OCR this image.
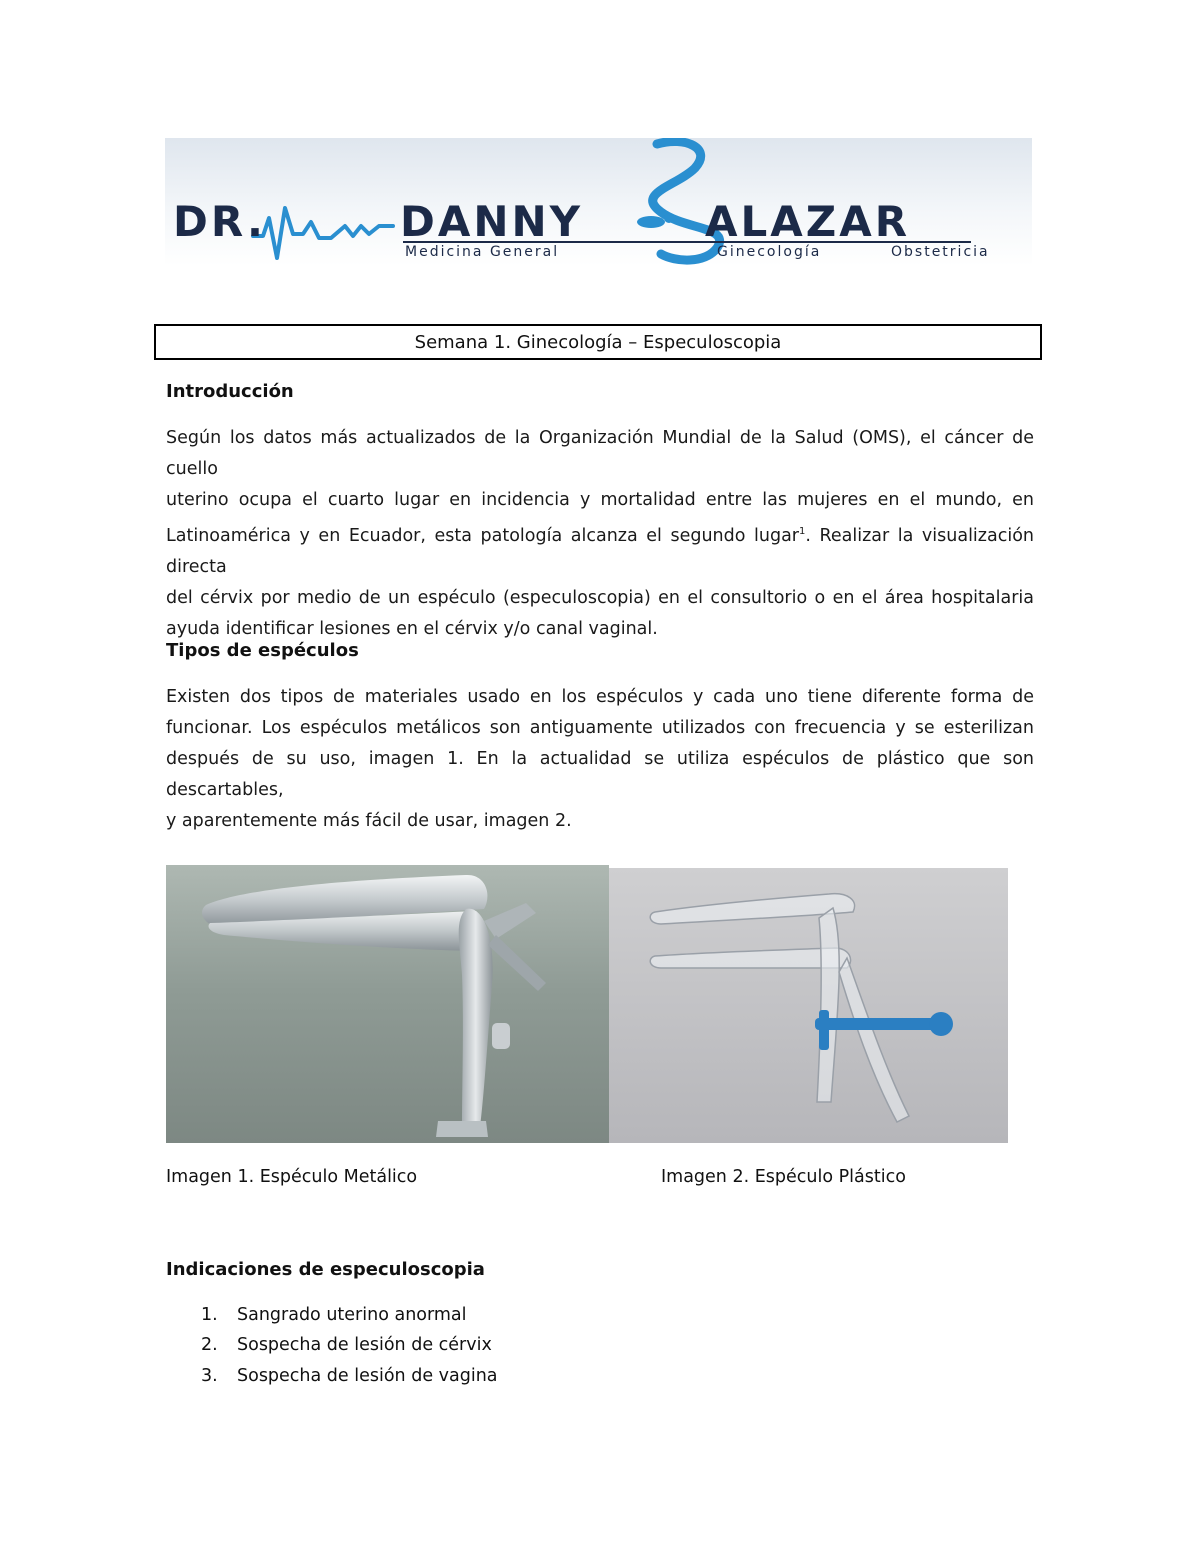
DR.	DANNY	ALAZAR
Medicina General	Ginecología	Obstetricia
Semana 1. Ginecología – Especuloscopia
Introducción
Según los datos más actualizados de la Organización Mundial de la Salud (OMS), el cáncer de cuello
uterino ocupa el cuarto lugar en incidencia y mortalidad entre las mujeres en el mundo, en
Latinoamérica y en Ecuador, esta patología alcanza el segundo lugar$^1$. Realizar la visualización directa
del cérvix por medio de un espéculo (especuloscopia) en el consultorio o en el área hospitalaria
ayuda identificar lesiones en el cérvix y/o canal vaginal.
Tipos de espéculos
Existen dos tipos de materiales usado en los espéculos y cada uno tiene diferente forma de
funcionar. Los espéculos metálicos son antiguamente utilizados con frecuencia y se esterilizan
después de su uso, imagen 1. En la actualidad se utiliza espéculos de plástico que son descartables,
y aparentemente más fácil de usar, imagen 2.
Imagen 1. Espéculo Metálico	Imagen 2. Espéculo Plástico
Indicaciones de especuloscopia
1. Sangrado uterino anormal
2. Sospecha de lesión de cérvix
3. Sospecha de lesión de vagina
